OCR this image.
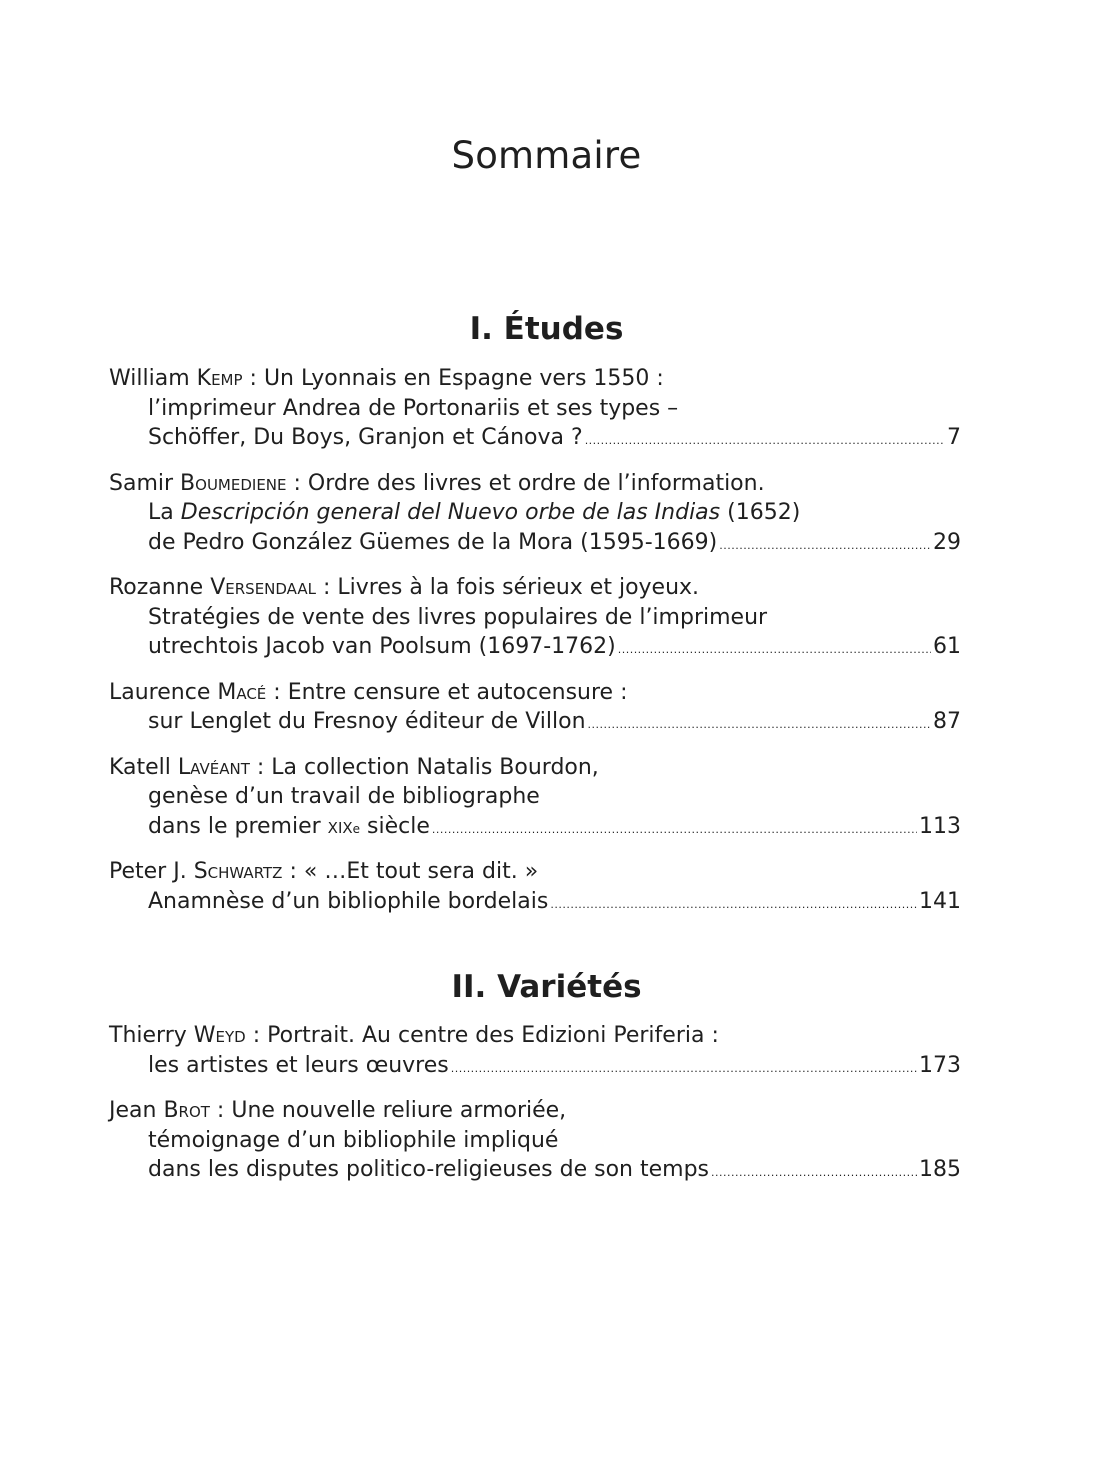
Sommaire
I. Études
William
Kemp : Un Lyonnais en Espagne vers 1550 :
l’imprimeur Andrea de Portonariis et ses types –
Schöffer, Du Boys, Granjon et Cánova ? . . .	7
Samir
Boumediene : Ordre des livres et ordre de l’information.
La
Descripción general del Nuevo orbe de las Indias
(1652)
de Pedro González Güemes de la Mora (1595-1669) . . .	29
Rozanne
Versendaal : Livres à la fois sérieux et joyeux.
Stratégies de vente des livres populaires de l’imprimeur
utrechtois Jacob van Poolsum (1697-1762) . . .	61
Laurence
Macé : Entre censure et autocensure :
sur Lenglet du Fresnoy éditeur de Villon . . .	87
Katell
Lavéant : La collection Natalis Bourdon,
genèse d’un travail de bibliographe
dans le premier
xix e
siècle . . .	113
Peter J.
Schwartz : « …Et tout sera dit. »
Anamnèse d’un bibliophile bordelais . . .	141
II. Variétés
Thierry
Weyd : Portrait. Au centre des Edizioni Periferia :
les artistes et leurs œuvres . . .	173
Jean
Brot : Une nouvelle reliure armoriée,
témoignage d’un bibliophile impliqué
dans les disputes politico-religieuses de son temps . . .	185
